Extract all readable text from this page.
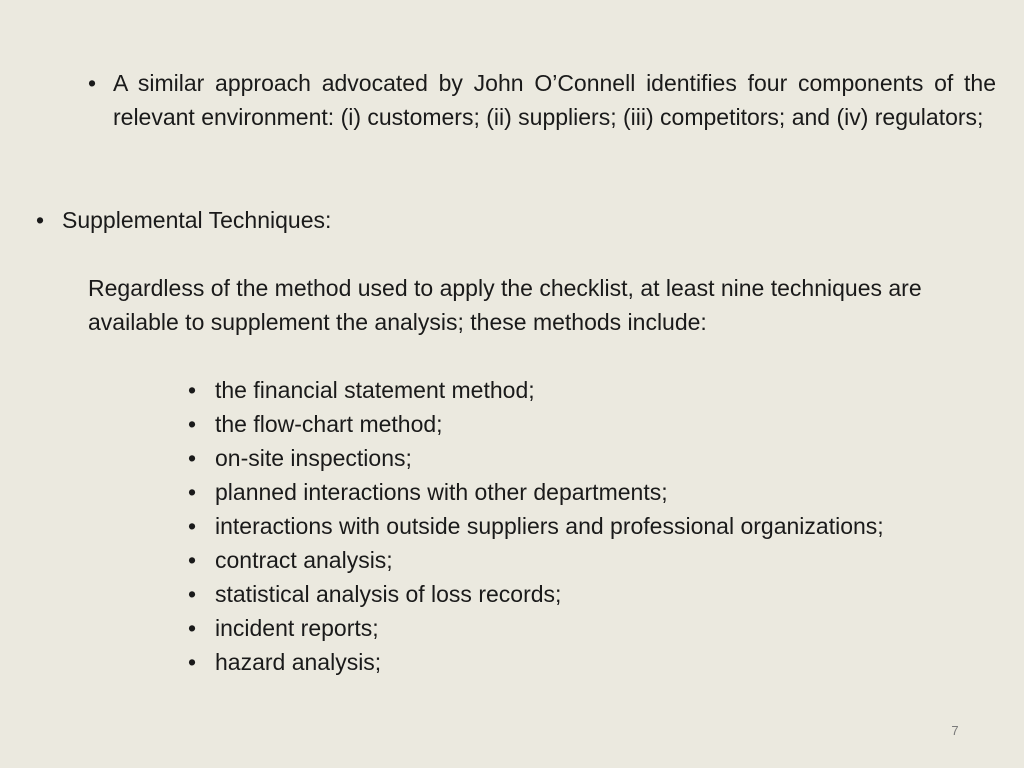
• A similar approach advocated by John O’Connell identifies four components of the relevant environment: (i) customers; (ii) suppliers; (iii) competitors; and (iv) regulators;

• Supplemental Techniques:

Regardless of the method used to apply the checklist, at least nine techniques are available to supplement the analysis; these methods include:

• the financial statement method;
• the flow-chart method;
• on-site inspections;
• planned interactions with other departments;
• interactions with outside suppliers and professional organizations;
• contract analysis;
• statistical analysis of loss records;
• incident reports;
• hazard analysis;
7
